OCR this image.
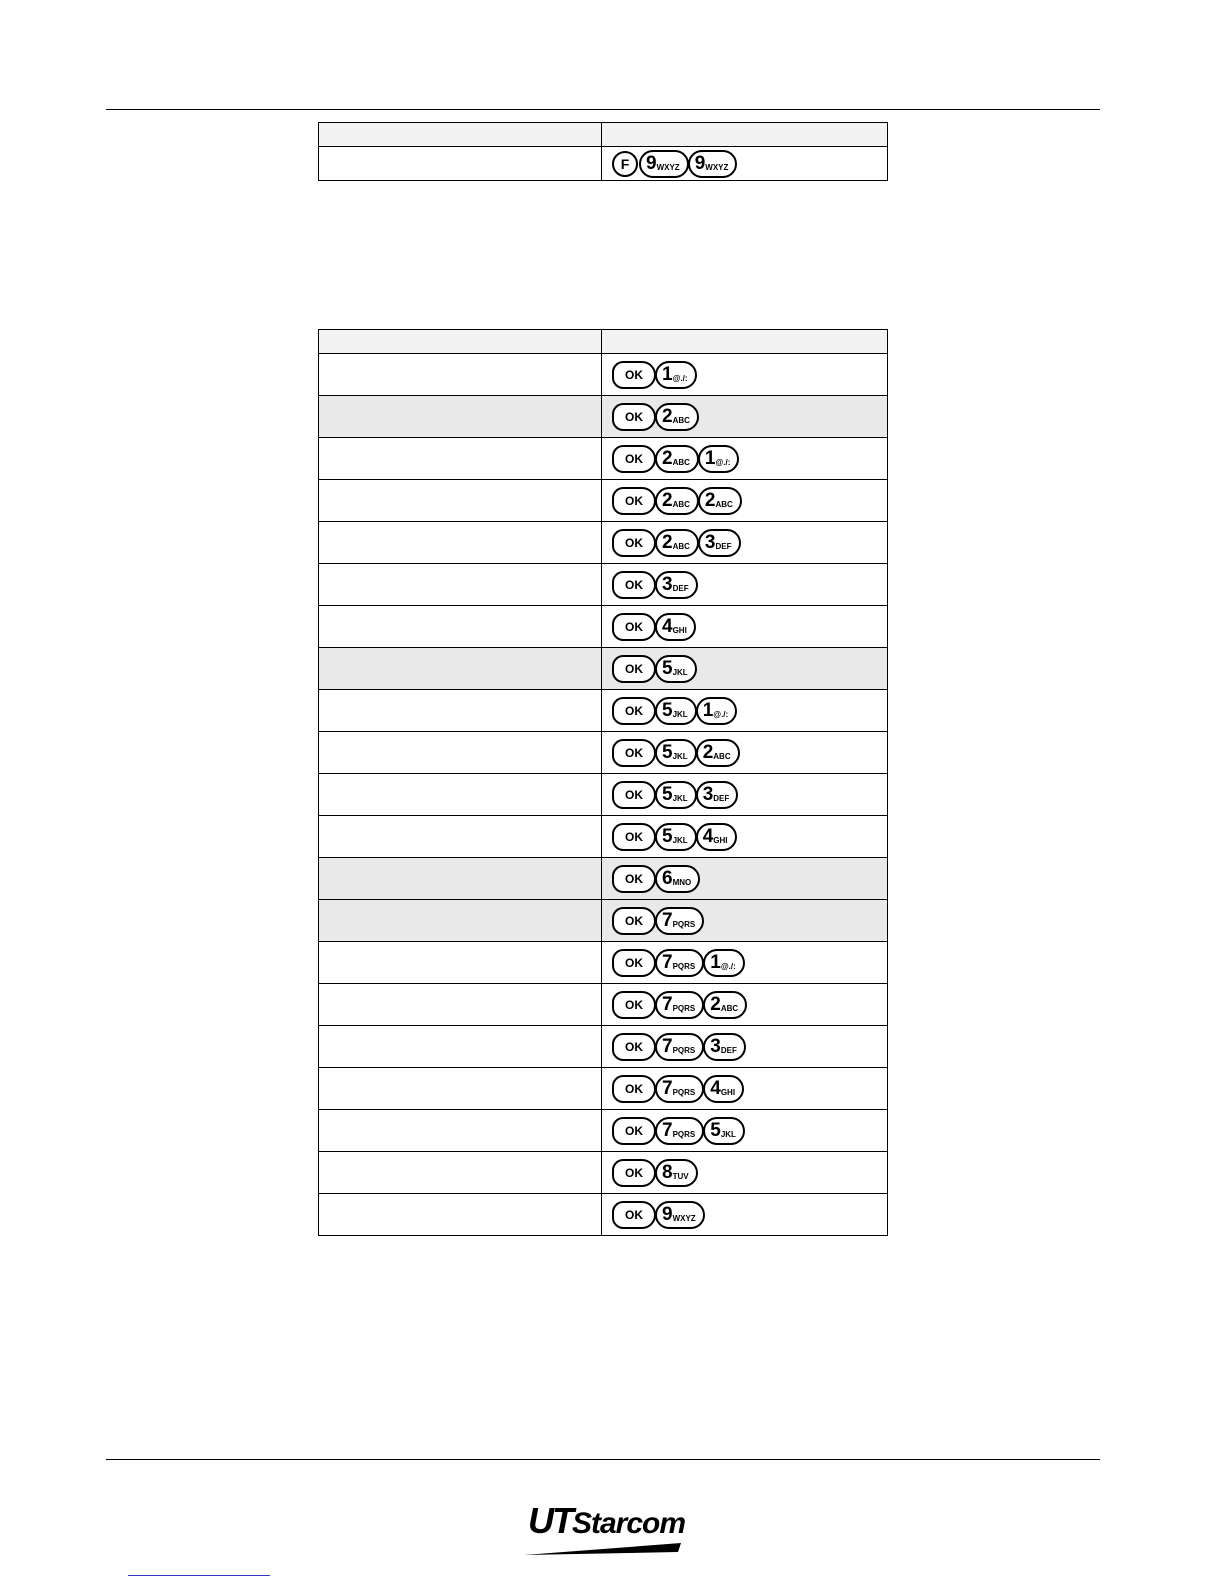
	F 9 WXYZ 9 WXYZ

	OK 1 @./:

	OK 2 ABC

	OK 2 ABC 1 @./:

	OK 2 ABC 2 ABC

	OK 2 ABC 3 DEF

	OK 3 DEF

	OK 4 GHI

	OK 5 JKL

	OK 5 JKL 1 @./:

	OK 5 JKL 2 ABC

	OK 5 JKL 3 DEF

	OK 5 JKL 4 GHI

	OK 6 MNO

	OK 7 PQRS

	OK 7 PQRS 1 @./:

	OK 7 PQRS 2 ABC

	OK 7 PQRS 3 DEF

	OK 7 PQRS 4 GHI

	OK 7 PQRS 5 JKL

	OK 8 TUV

	OK 9 WXYZ
UTStarcom
